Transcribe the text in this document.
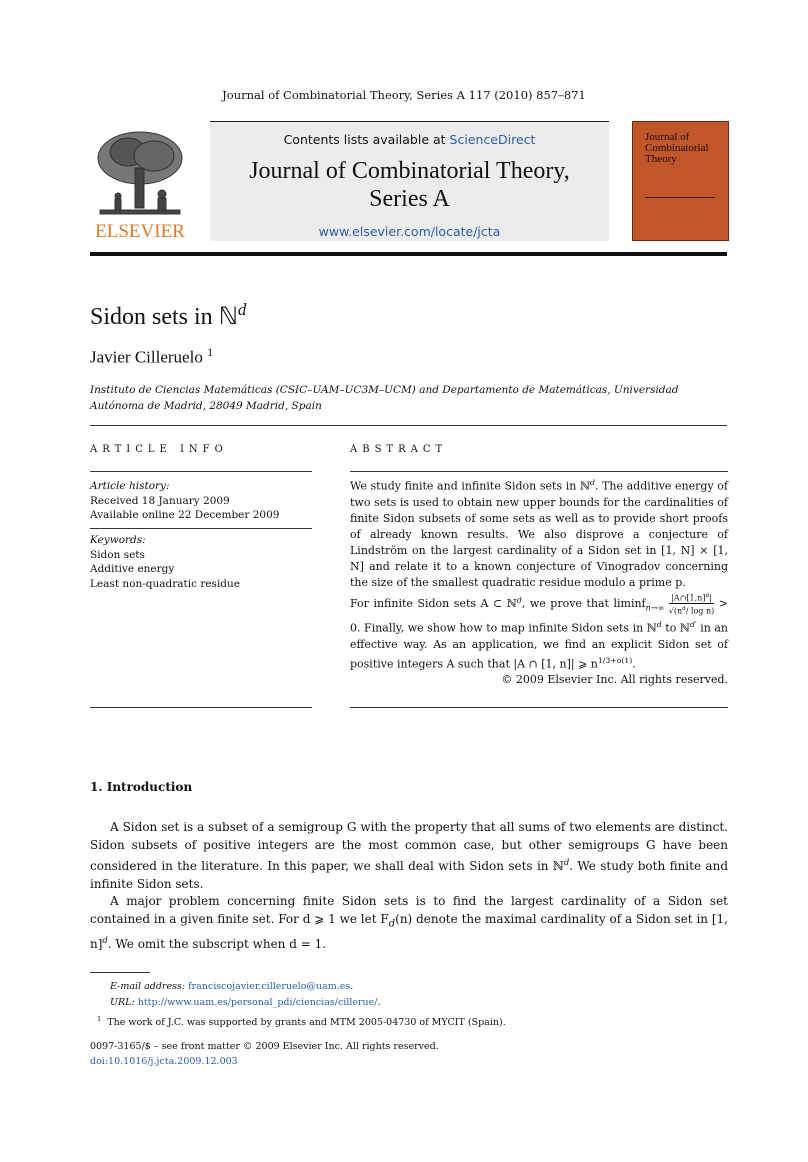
Journal of Combinatorial Theory, Series A 117 (2010) 857–871
ELSEVIER
Contents lists available at ScienceDirect
Journal of Combinatorial Theory,
Series A
www.elsevier.com/locate/jcta
Journal of Combinatorial Theory
Sidon sets in ℕ$^d$
Javier Cilleruelo $^1$
Instituto de Ciencias Matemáticas (CSIC–UAM–UC3M–UCM) and Departamento de Matemáticas, Universidad Autónoma de Madrid, 28049 Madrid, Spain
ARTICLE INFO
Article history:
Received 18 January 2009
Available online 22 December 2009
Keywords:
Sidon sets
Additive energy
Least non-quadratic residue
ABSTRACT

We study finite and infinite Sidon sets in ℕ$^d$. The additive energy of two sets is used to obtain new upper bounds for the cardinalities of finite Sidon subsets of some sets as well as to provide short proofs of already known results. We also disprove a conjecture of Lindström on the largest cardinality of a Sidon set in [1, N] × [1, N] and relate it to a known conjecture of Vinogradov concerning the size of the smallest quadratic residue modulo a prime p.

For infinite Sidon sets A ⊂ ℕ$^d$, we prove that $liminf_{n\to\infty} \frac{|A\cap[1,n]^d|}{√(n^d/ \log n)} > 0$. Finally, we show how to map infinite Sidon sets in ℕ$^d$ to ℕ$^{d'}$ in an effective way. As an application, we find an explicit Sidon set of positive integers A such that |A ∩ [1, n]| ⩾ $n^{1/3+o(1)}$.

© 2009 Elsevier Inc. All rights reserved.

1. Introduction

A Sidon set is a subset of a semigroup G with the property that all sums of two elements are distinct. Sidon subsets of positive integers are the most common case, but other semigroups G have been considered in the literature. In this paper, we shall deal with Sidon sets in ℕ$^d$. We study both finite and infinite Sidon sets.

A major problem concerning finite Sidon sets is to find the largest cardinality of a Sidon set contained in a given finite set. For d ⩾ 1 we let $F_d(n)$ denote the maximal cardinality of a Sidon set in [1, n]$^d$. We omit the subscript when d = 1.

E-mail address: franciscojavier.cilleruelo@uam.es.
URL: http://www.uam.es/personal_pdi/ciencias/cillerue/.
$^1$ The work of J.C. was supported by grants and MTM 2005-04730 of MYCIT (Spain).
0097-3165/$ – see front matter © 2009 Elsevier Inc. All rights reserved.
doi:10.1016/j.jcta.2009.12.003
